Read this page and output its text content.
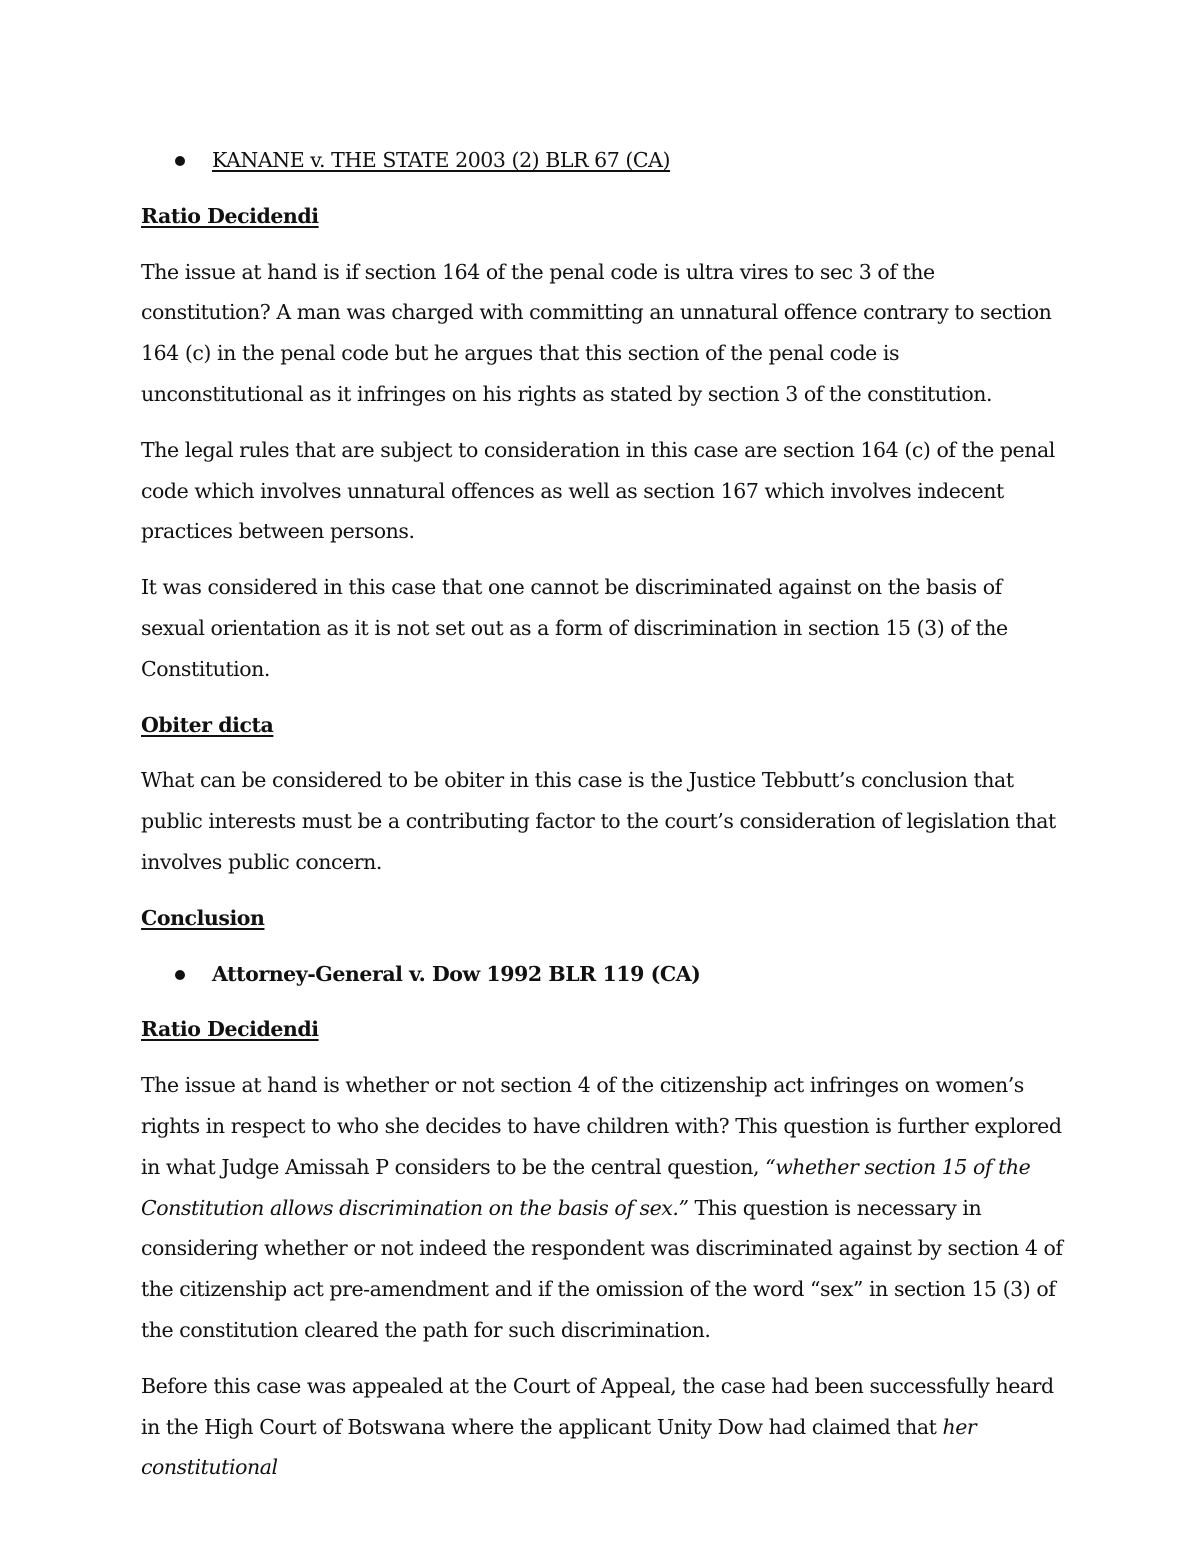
KANANE v. THE STATE 2003 (2) BLR 67 (CA)
Ratio Decidendi

The issue at hand is if section 164 of the penal code is ultra vires to sec 3 of the constitution? A man was charged with committing an unnatural offence contrary to section 164 (c) in the penal code but he argues that this section of the penal code is unconstitutional as it infringes on his rights as stated by section 3 of the constitution.

The legal rules that are subject to consideration in this case are section 164 (c) of the penal code which involves unnatural offences as well as section 167 which involves indecent practices between persons.

It was considered in this case that one cannot be discriminated against on the basis of sexual orientation as it is not set out as a form of discrimination in section 15 (3) of the Constitution.

Obiter dicta

What can be considered to be obiter in this case is the Justice Tebbutt’s conclusion that public interests must be a contributing factor to the court’s consideration of legislation that involves public concern.

Conclusion
Attorney-General v. Dow 1992 BLR 119 (CA)
Ratio Decidendi

The issue at hand is whether or not section 4 of the citizenship act infringes on women’s rights in respect to who she decides to have children with? This question is further explored in what Judge Amissah P considers to be the central question, “whether section 15 of the Constitution allows discrimination on the basis of sex.” This question is necessary in considering whether or not indeed the respondent was discriminated against by section 4 of the citizenship act pre-amendment and if the omission of the word “sex” in section 15 (3) of the constitution cleared the path for such discrimination.

Before this case was appealed at the Court of Appeal, the case had been successfully heard in the High Court of Botswana where the applicant Unity Dow had claimed that her constitutional
